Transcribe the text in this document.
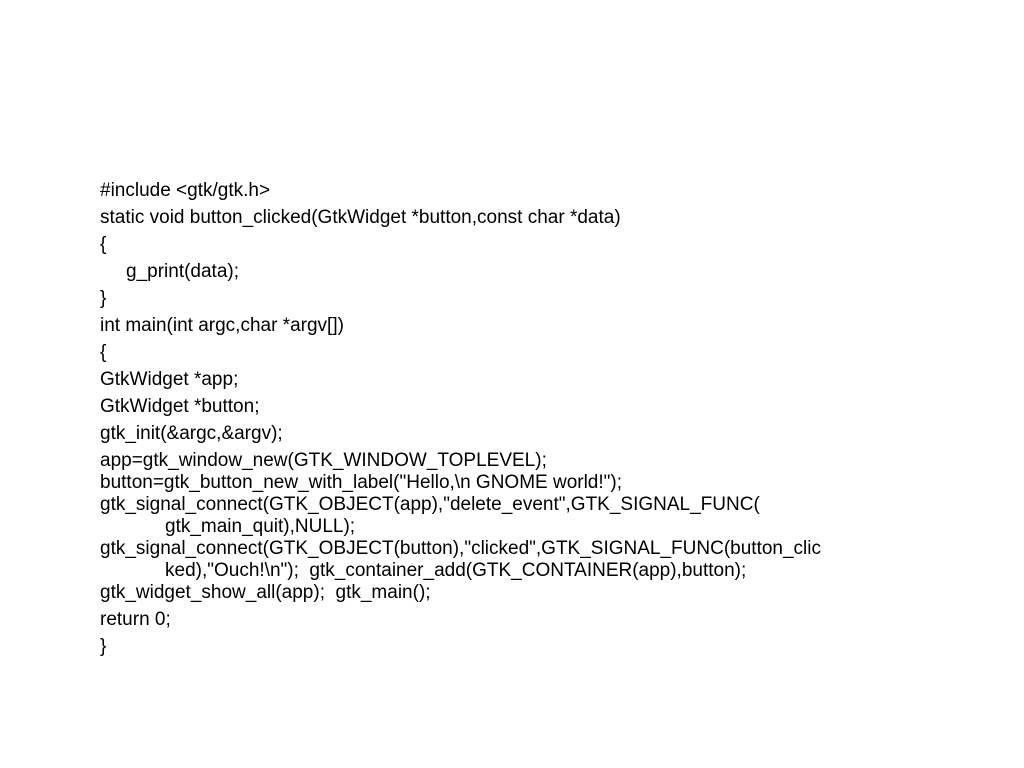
#include <gtk/gtk.h>

static void button_clicked(GtkWidget *button,const char *data)

{

g_print(data);

}

int main(int argc,char *argv[])

{

GtkWidget *app;

GtkWidget *button;

gtk_init(&argc,&argv);

app=gtk_window_new(GTK_WINDOW_TOPLEVEL);

button=gtk_button_new_with_label("Hello,\n GNOME world!");

gtk_signal_connect(GTK_OBJECT(app),"delete_event",GTK_SIGNAL_FUNC(
gtk_main_quit),NULL);

gtk_signal_connect(GTK_OBJECT(button),"clicked",GTK_SIGNAL_FUNC(button_clic
ked),"Ouch!\n");  gtk_container_add(GTK_CONTAINER(app),button);

gtk_widget_show_all(app);  gtk_main();

return 0;

}
